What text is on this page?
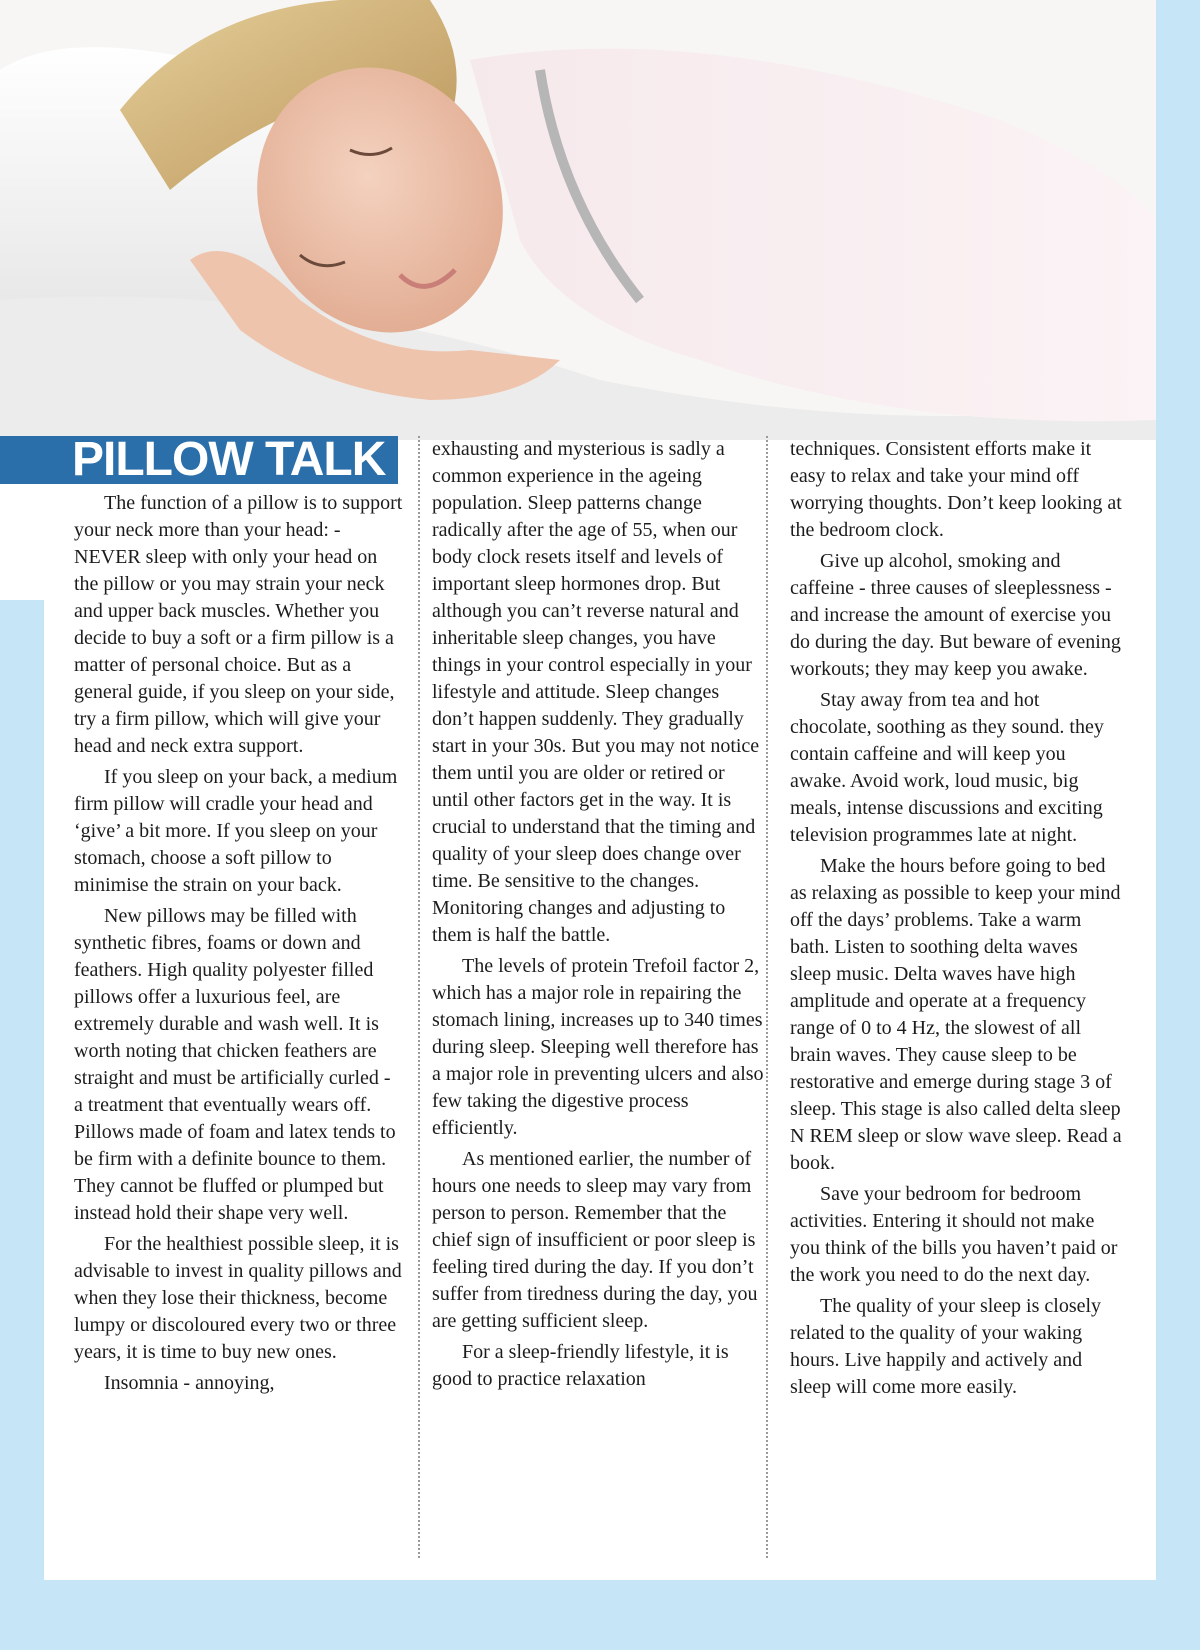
PILLOW TALK

The function of a pillow is to support your neck more than your head: - NEVER sleep with only your head on the pillow or you may strain your neck and upper back muscles. Whether you decide to buy a soft or a firm pillow is a matter of personal choice. But as a general guide, if you sleep on your side, try a firm pillow, which will give your head and neck extra support.

If you sleep on your back, a medium firm pillow will cradle your head and ‘give’ a bit more. If you sleep on your stomach, choose a soft pillow to minimise the strain on your back.

New pillows may be filled with synthetic fibres, foams or down and feathers. High quality polyester filled pillows offer a luxurious feel, are extremely durable and wash well. It is worth noting that chicken feathers are straight and must be artificially curled - a treatment that eventually wears off. Pillows made of foam and latex tends to be firm with a definite bounce to them. They cannot be fluffed or plumped but instead hold their shape very well.

For the healthiest possible sleep, it is advisable to invest in quality pillows and when they lose their thickness, become lumpy or discoloured every two or three years, it is time to buy new ones.

Insomnia - annoying,

exhausting and mysterious is sadly a common experience in the ageing population. Sleep patterns change radically after the age of 55, when our body clock resets itself and levels of important sleep hormones drop. But although you can’t reverse natural and inheritable sleep changes, you have things in your control especially in your lifestyle and attitude. Sleep changes don’t happen suddenly. They gradually start in your 30s. But you may not notice them until you are older or retired or until other factors get in the way. It is crucial to understand that the timing and quality of your sleep does change over time. Be sensitive to the changes. Monitoring changes and adjusting to them is half the battle.

The levels of protein Trefoil factor 2, which has a major role in repairing the stomach lining, increases up to 340 times during sleep. Sleeping well therefore has a major role in preventing ulcers and also few taking the digestive process efficiently.

As mentioned earlier, the number of hours one needs to sleep may vary from person to person. Remember that the chief sign of insufficient or poor sleep is feeling tired during the day. If you don’t suffer from tiredness during the day, you are getting sufficient sleep.

For a sleep-friendly lifestyle, it is good to practice relaxation

techniques. Consistent efforts make it easy to relax and take your mind off worrying thoughts. Don’t keep looking at the bedroom clock.

Give up alcohol, smoking and caffeine - three causes of sleeplessness - and increase the amount of exercise you do during the day. But beware of evening workouts; they may keep you awake.

Stay away from tea and hot chocolate, soothing as they sound. they contain caffeine and will keep you awake. Avoid work, loud music, big meals, intense discussions and exciting television programmes late at night.

Make the hours before going to bed as relaxing as possible to keep your mind off the days’ problems. Take a warm bath. Listen to soothing delta waves sleep music. Delta waves have high amplitude and operate at a frequency range of 0 to 4 Hz, the slowest of all brain waves. They cause sleep to be restorative and emerge during stage 3 of sleep. This stage is also called delta sleep N REM sleep or slow wave sleep. Read a book.

Save your bedroom for bedroom activities. Entering it should not make you think of the bills you haven’t paid or the work you need to do the next day.

The quality of your sleep is closely related to the quality of your waking hours. Live happily and actively and sleep will come more easily.
